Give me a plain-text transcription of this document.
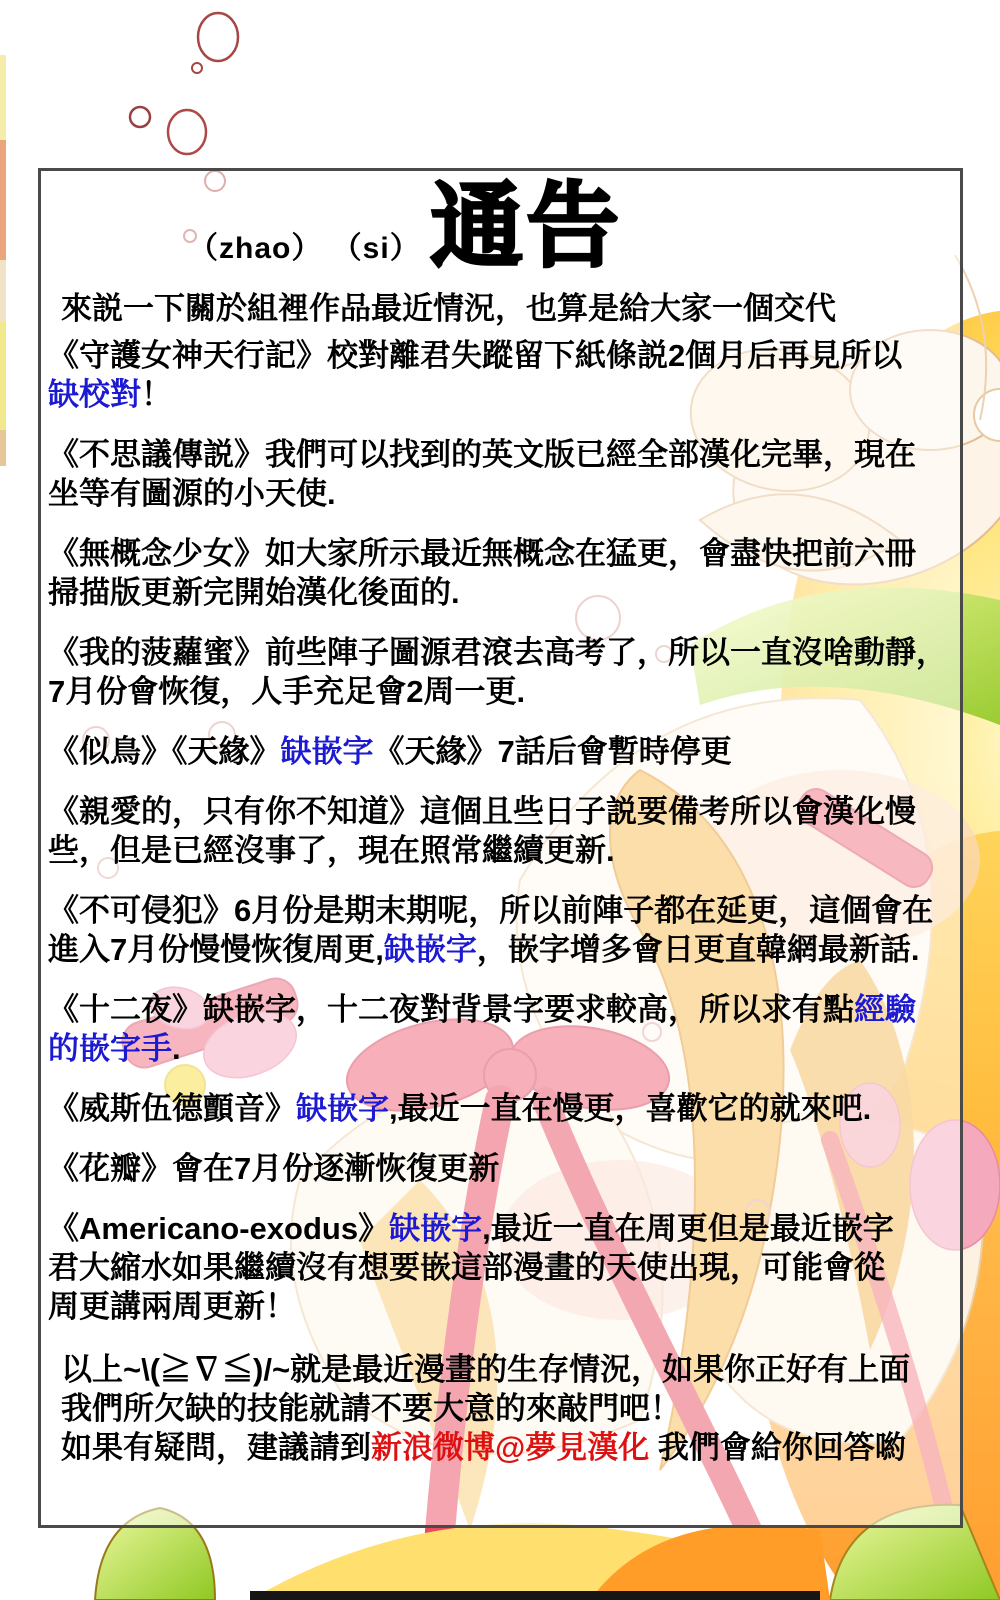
（zhao） （si） 通告

來説一下關於組裡作品最近情況，也算是給大家一個交代

《守護女神天行記》校對離君失蹤留下紙條説2個月后再見所以
缺校對！

《不思議傳説》我們可以找到的英文版已經全部漢化完畢，現在
坐等有圖源的小天使.

《無概念少女》如大家所示最近無概念在猛更，會盡快把前六冊
掃描版更新完開始漢化後面的.

《我的菠蘿蜜》前些陣子圖源君滾去高考了，所以一直沒啥動靜，
7月份會恢復，人手充足會2周一更.

《似鳥》《天緣》缺嵌字《天緣》7話后會暫時停更

《親愛的，只有你不知道》這個且些日子説要備考所以會漢化慢
些，但是已經沒事了，現在照常繼續更新.

《不可侵犯》6月份是期末期呢，所以前陣子都在延更，這個會在
進入7月份慢慢恢復周更,缺嵌字，嵌字增多會日更直韓網最新話.

《十二夜》缺嵌字，十二夜對背景字要求較高，所以求有點經驗
的嵌字手.

《威斯伍德顫音》缺嵌字,最近一直在慢更，喜歡它的就來吧.

《花瓣》會在7月份逐漸恢復更新

《Americano-exodus》缺嵌字,最近一直在周更但是最近嵌字
君大縮水如果繼續沒有想要嵌這部漫畫的天使出現，可能會從
周更講兩周更新！

以上~\(≧∇≦)/~就是最近漫畫的生存情況，如果你正好有上面
我們所欠缺的技能就請不要大意的來敲門吧！
如果有疑問，建議請到新浪微博@夢見漢化 我們會給你回答喲
